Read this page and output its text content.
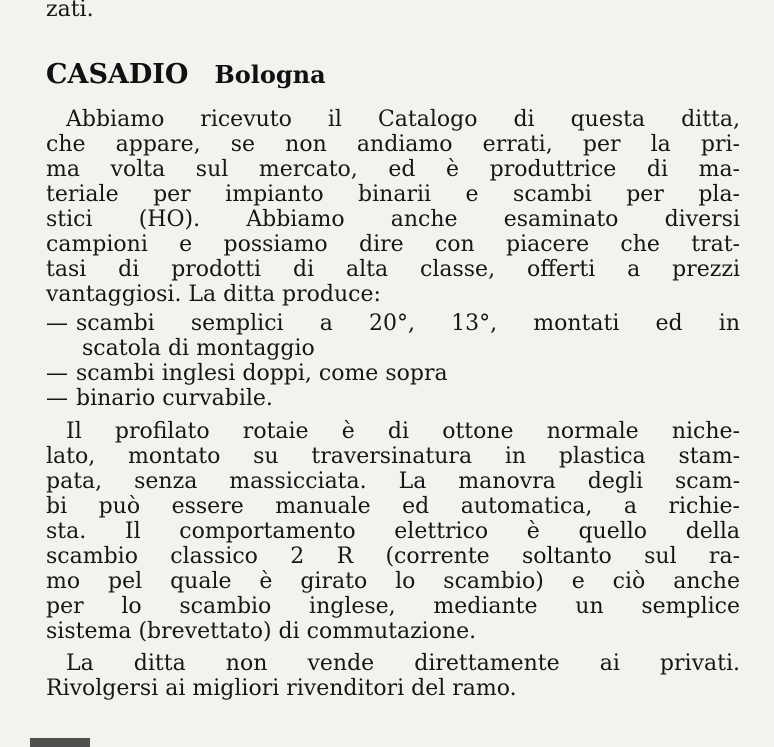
zati.
CASADIO Bologna
Abbiamo ricevuto il Catalogo di questa ditta,
che appare, se non andiamo errati, per la pri-
ma volta sul mercato, ed è produttrice di ma-
teriale per impianto binarii e scambi per pla-
stici (HO). Abbiamo anche esaminato diversi
campioni e possiamo dire con piacere che trat-
tasi di prodotti di alta classe, offerti a prezzi
vantaggiosi. La ditta produce:
— scambi semplici a 20°, 13°, montati ed in
scatola di montaggio
— scambi inglesi doppi, come sopra
— binario curvabile.
Il profilato rotaie è di ottone normale niche-
lato, montato su traversinatura in plastica stam-
pata, senza massicciata. La manovra degli scam-
bi può essere manuale ed automatica, a richie-
sta. Il comportamento elettrico è quello della
scambio classico 2 R (corrente soltanto sul ra-
mo pel quale è girato lo scambio) e ciò anche
per lo scambio inglese, mediante un semplice
sistema (brevettato) di commutazione.
La ditta non vende direttamente ai privati.
Rivolgersi ai migliori rivenditori del ramo.
